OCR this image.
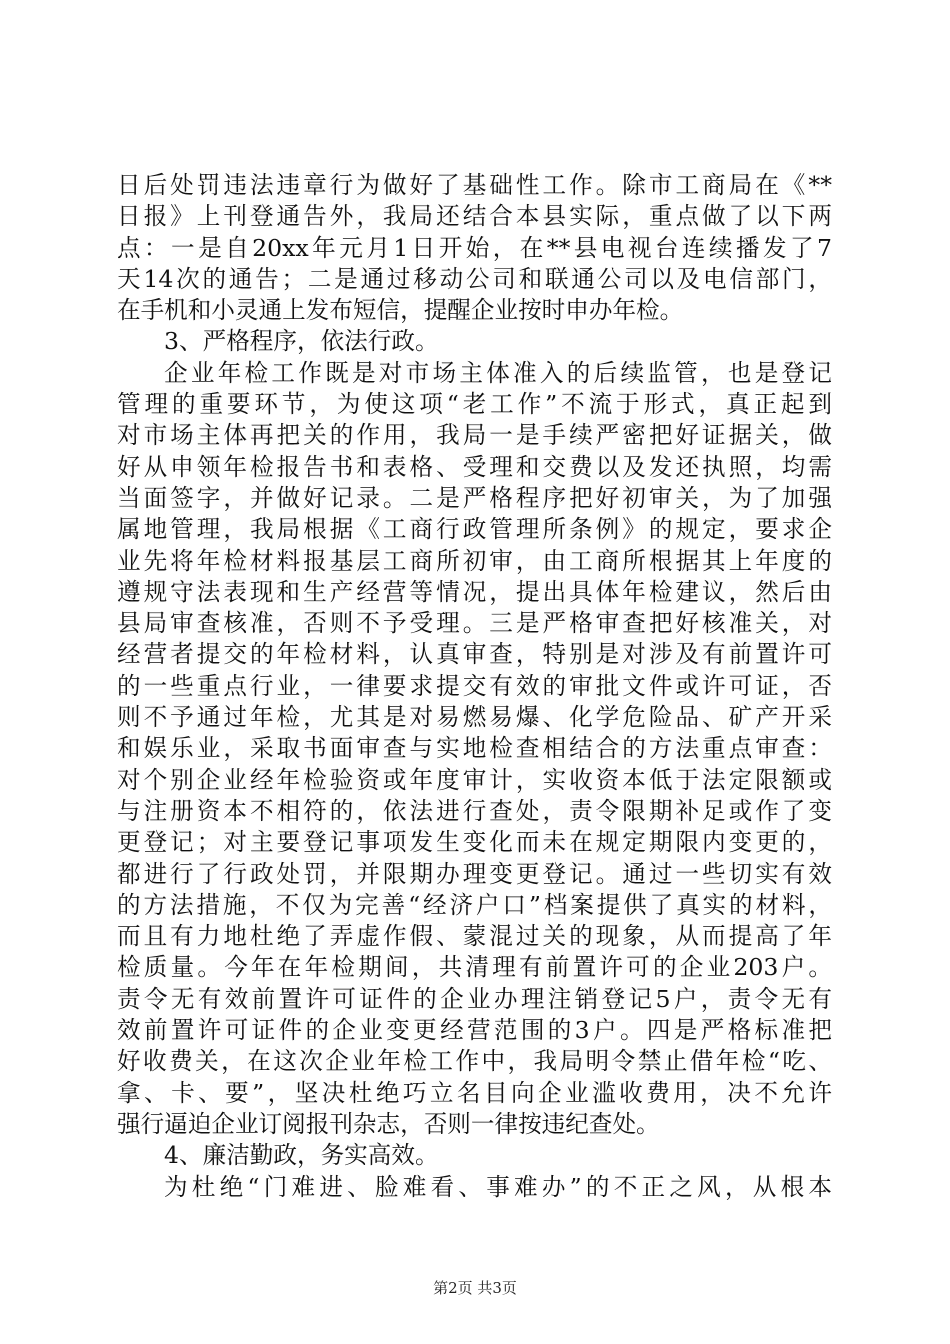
日后处罚违法违章行为做好了基础性工作。除市工商局在《**
日报》上刊登通告外，我局还结合本县实际，重点做了以下两
点：一是自20xx年元月1日开始，在**县电视台连续播发了7
天14次的通告；二是通过移动公司和联通公司以及电信部门，
在手机和小灵通上发布短信，提醒企业按时申办年检。
3、严格程序，依法行政。
企业年检工作既是对市场主体准入的后续监管，也是登记
管理的重要环节，为使这项“老工作”不流于形式，真正起到
对市场主体再把关的作用，我局一是手续严密把好证据关，做
好从申领年检报告书和表格、受理和交费以及发还执照，均需
当面签字，并做好记录。二是严格程序把好初审关，为了加强
属地管理，我局根据《工商行政管理所条例》的规定，要求企
业先将年检材料报基层工商所初审，由工商所根据其上年度的
遵规守法表现和生产经营等情况，提出具体年检建议，然后由
县局审查核准，否则不予受理。三是严格审查把好核准关，对
经营者提交的年检材料，认真审查，特别是对涉及有前置许可
的一些重点行业，一律要求提交有效的审批文件或许可证，否
则不予通过年检，尤其是对易燃易爆、化学危险品、矿产开采
和娱乐业，采取书面审查与实地检查相结合的方法重点审查：
对个别企业经年检验资或年度审计，实收资本低于法定限额或
与注册资本不相符的，依法进行查处，责令限期补足或作了变
更登记；对主要登记事项发生变化而未在规定期限内变更的，
都进行了行政处罚，并限期办理变更登记。通过一些切实有效
的方法措施，不仅为完善“经济户口”档案提供了真实的材料，
而且有力地杜绝了弄虚作假、蒙混过关的现象，从而提高了年
检质量。今年在年检期间，共清理有前置许可的企业203户。
责令无有效前置许可证件的企业办理注销登记5户，责令无有
效前置许可证件的企业变更经营范围的3户。四是严格标准把
好收费关，在这次企业年检工作中，我局明令禁止借年检“吃、
拿、卡、要”，坚决杜绝巧立名目向企业滥收费用，决不允许
强行逼迫企业订阅报刊杂志，否则一律按违纪查处。
4、廉洁勤政，务实高效。
为杜绝“门难进、脸难看、事难办”的不正之风，从根本
第2页 共3页
